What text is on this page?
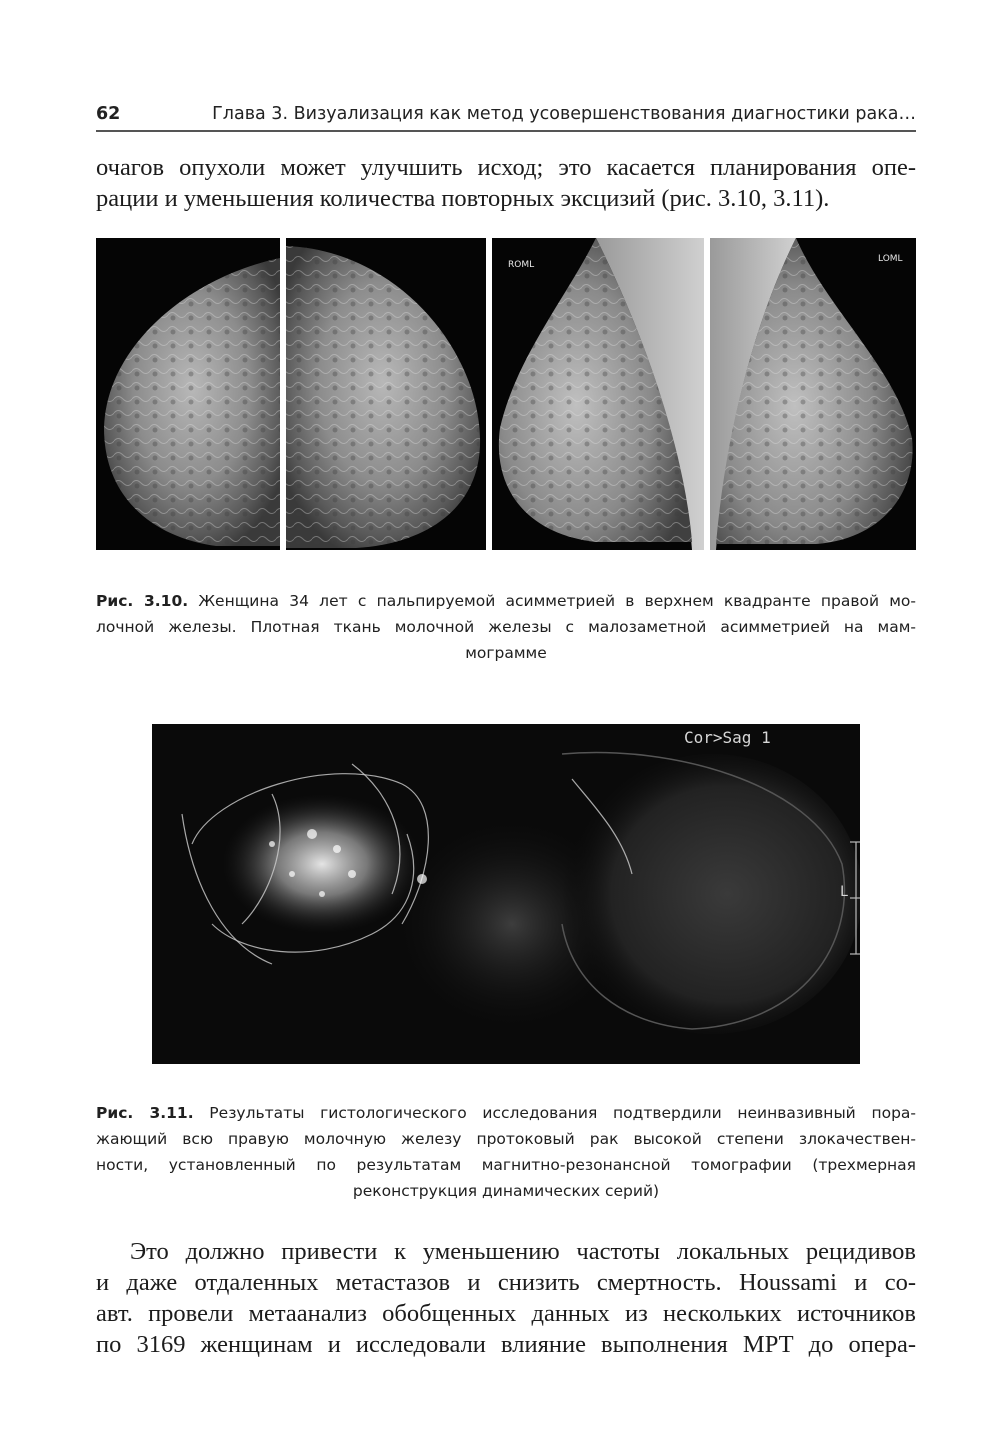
62	Глава 3. Визуализация как метод усовершенствования диагностики рака…
очагов опухоли может улучшить исход; это касается планирования опе-
рации и уменьшения количества повторных эксцизий (рис. 3.10, 3.11).
ROML
LOML
Рис. 3.10. Женщина 34 лет с пальпируемой асимметрией в верхнем квадранте правой мо-
лочной железы. Плотная ткань молочной железы с малозаметной асимметрией на мам-
мограмме
Cor>Sag 1
L
Рис. 3.11. Результаты гистологического исследования подтвердили неинвазивный пора-
жающий всю правую молочную железу протоковый рак высокой степени злокачествен-
ности, установленный по результатам магнитно-резонансной томографии (трехмерная
реконструкция динамических серий)
Это должно привести к уменьшению частоты локальных рецидивов
и даже отдаленных метастазов и снизить смертность. Houssami и со-
авт. провели метаанализ обобщенных данных из нескольких источников
по 3169 женщинам и исследовали влияние выполнения МРТ до опера-
